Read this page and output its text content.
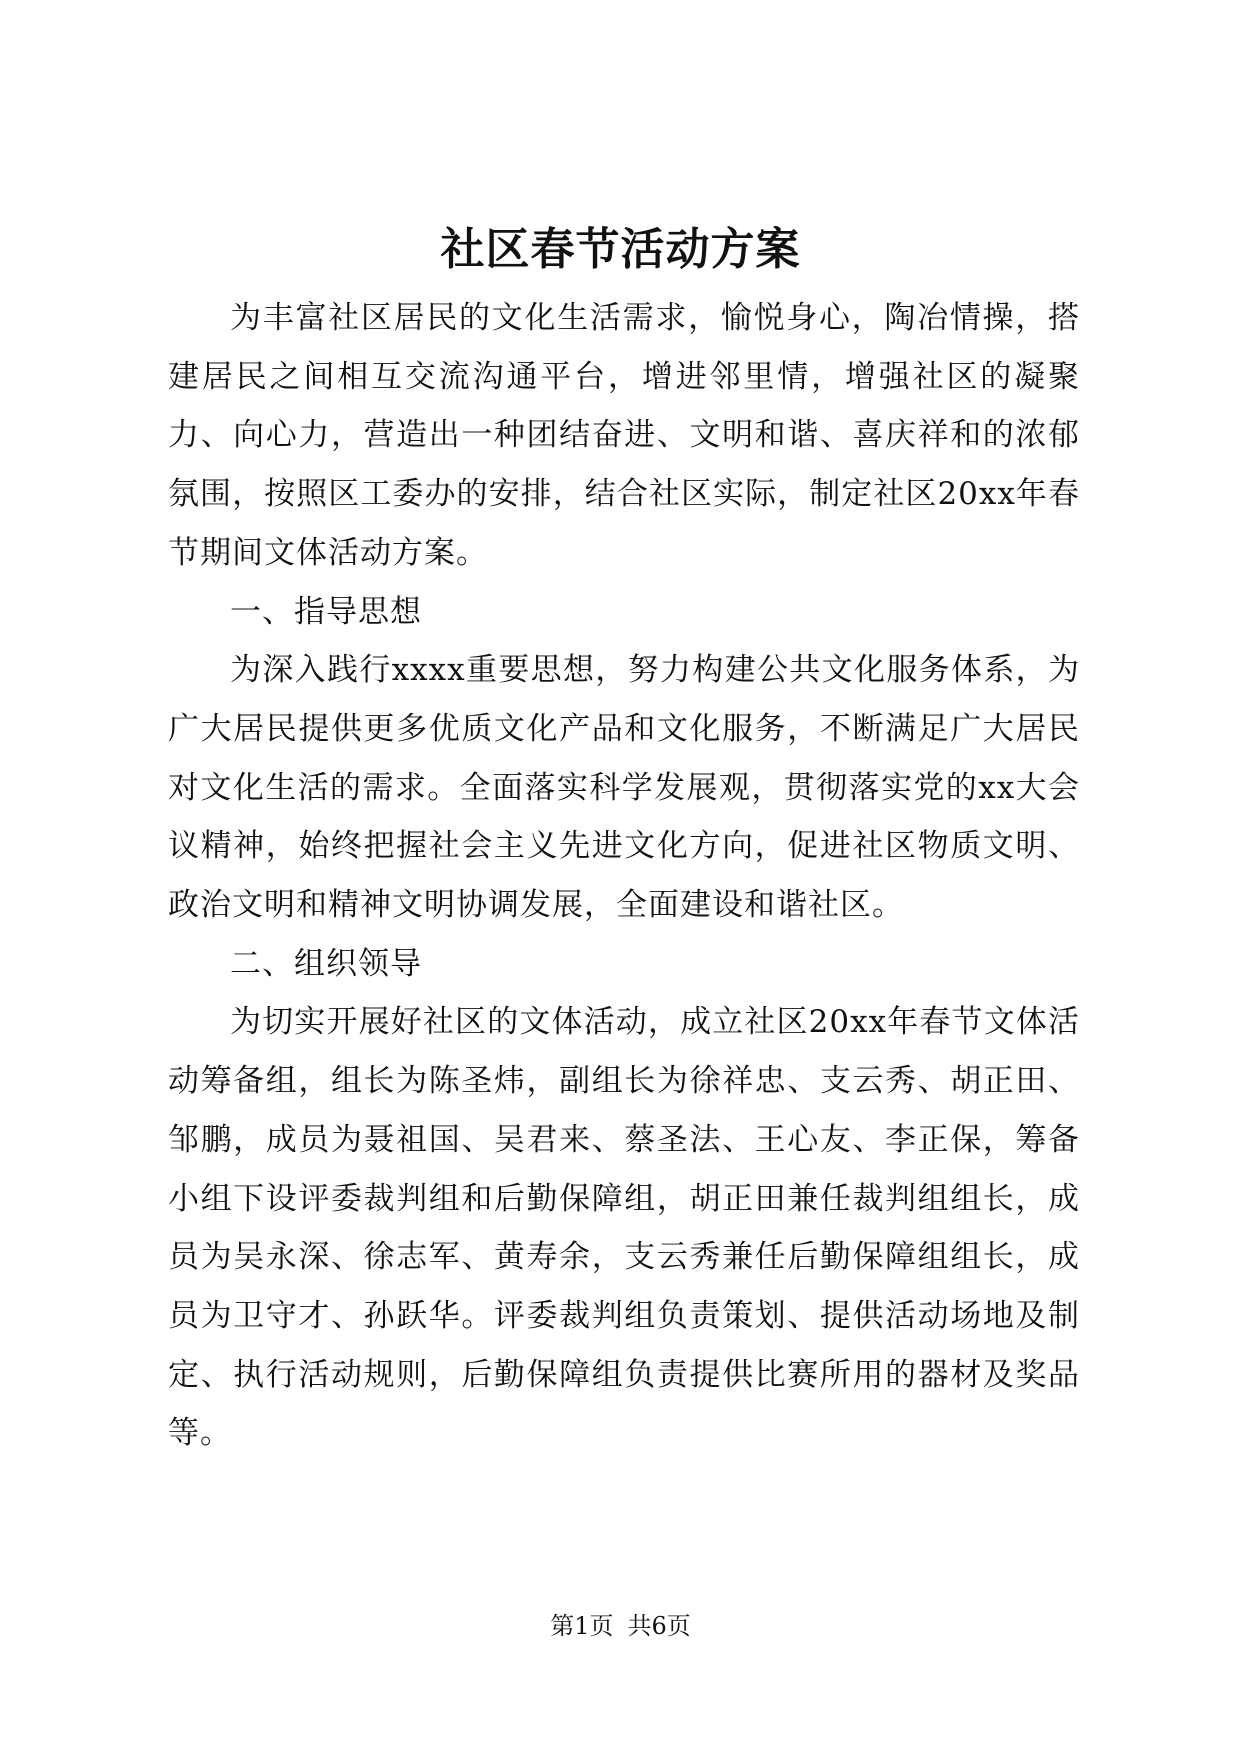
社区春节活动方案

为丰富社区居民的文化生活需求，愉悦身心，陶冶情操，搭建居民之间相互交流沟通平台，增进邻里情，增强社区的凝聚力、向心力，营造出一种团结奋进、文明和谐、喜庆祥和的浓郁氛围，按照区工委办的安排，结合社区实际，制定社区20xx年春节期间文体活动方案。

一、指导思想

为深入践行xxxx重要思想，努力构建公共文化服务体系，为广大居民提供更多优质文化产品和文化服务，不断满足广大居民对文化生活的需求。全面落实科学发展观，贯彻落实党的xx大会议精神，始终把握社会主义先进文化方向，促进社区物质文明、政治文明和精神文明协调发展，全面建设和谐社区。

二、组织领导

为切实开展好社区的文体活动，成立社区20xx年春节文体活动筹备组，组长为陈圣炜，副组长为徐祥忠、支云秀、胡正田、邹鹏，成员为聂祖国、吴君来、蔡圣法、王心友、李正保，筹备小组下设评委裁判组和后勤保障组，胡正田兼任裁判组组长，成员为吴永深、徐志军、黄寿余，支云秀兼任后勤保障组组长，成员为卫守才、孙跃华。评委裁判组负责策划、提供活动场地及制定、执行活动规则，后勤保障组负责提供比赛所用的器材及奖品等。

第1页 共6页
